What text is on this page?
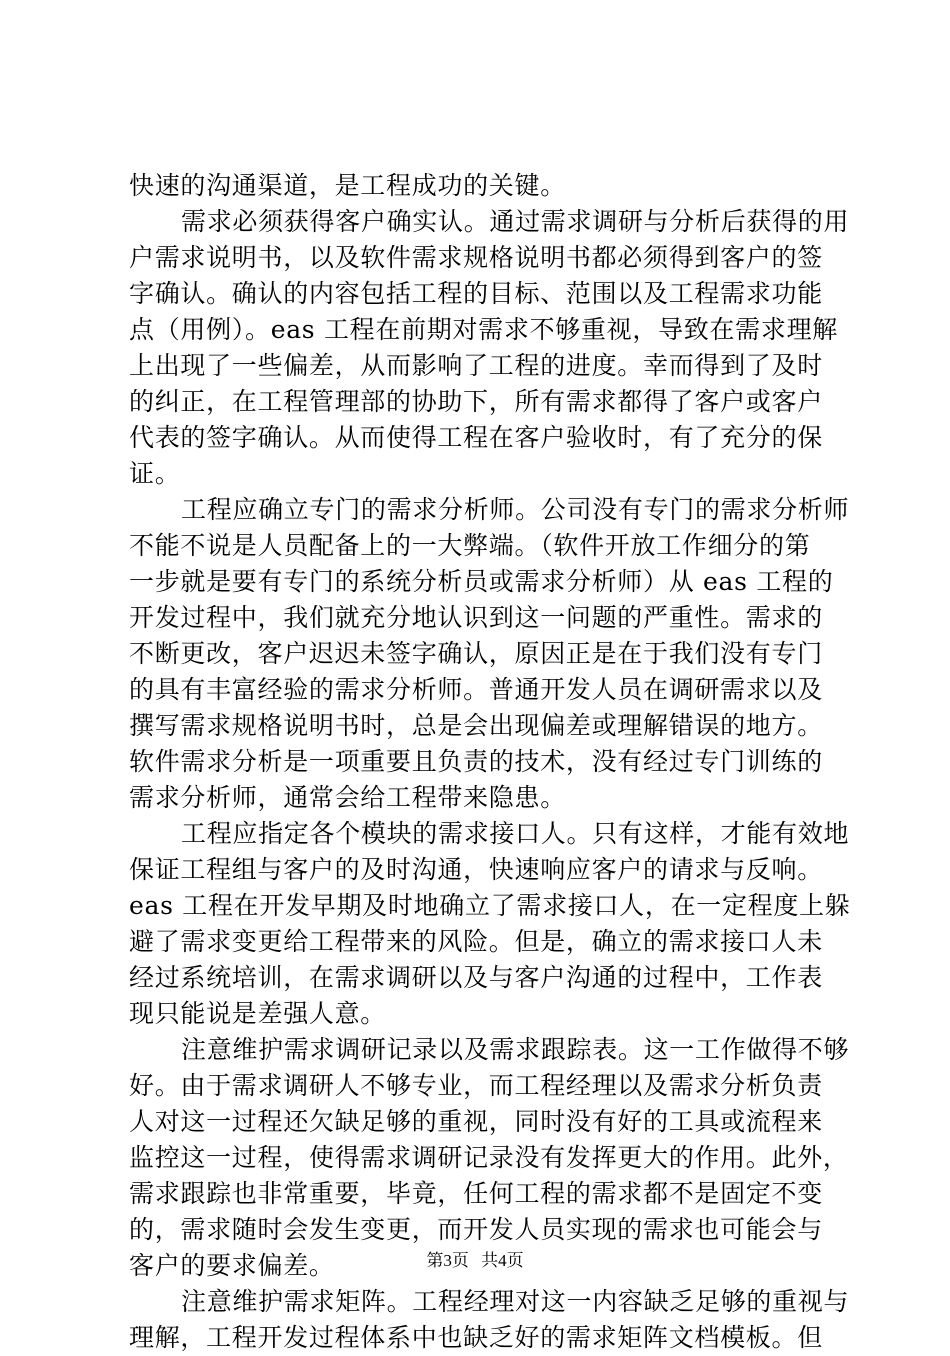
快速的沟通渠道，是工程成功的关键。
需求必须获得客户确实认。通过需求调研与分析后获得的用
户需求说明书，以及软件需求规格说明书都必须得到客户的签
字确认。确认的内容包括工程的目标、范围以及工程需求功能
点（用例）。eas 工程在前期对需求不够重视，导致在需求理解
上出现了一些偏差，从而影响了工程的进度。幸而得到了及时
的纠正，在工程管理部的协助下，所有需求都得了客户或客户
代表的签字确认。从而使得工程在客户验收时，有了充分的保
证。
工程应确立专门的需求分析师。公司没有专门的需求分析师
不能不说是人员配备上的一大弊端。（软件开放工作细分的第
一步就是要有专门的系统分析员或需求分析师）从 eas 工程的
开发过程中，我们就充分地认识到这一问题的严重性。需求的
不断更改，客户迟迟未签字确认，原因正是在于我们没有专门
的具有丰富经验的需求分析师。普通开发人员在调研需求以及
撰写需求规格说明书时，总是会出现偏差或理解错误的地方。
软件需求分析是一项重要且负责的技术，没有经过专门训练的
需求分析师，通常会给工程带来隐患。
工程应指定各个模块的需求接口人。只有这样，才能有效地
保证工程组与客户的及时沟通，快速响应客户的请求与反响。
eas 工程在开发早期及时地确立了需求接口人，在一定程度上躲
避了需求变更给工程带来的风险。但是，确立的需求接口人未
经过系统培训，在需求调研以及与客户沟通的过程中，工作表
现只能说是差强人意。
注意维护需求调研记录以及需求跟踪表。这一工作做得不够
好。由于需求调研人不够专业，而工程经理以及需求分析负责
人对这一过程还欠缺足够的重视，同时没有好的工具或流程来
监控这一过程，使得需求调研记录没有发挥更大的作用。此外，
需求跟踪也非常重要，毕竟，任何工程的需求都不是固定不变
的，需求随时会发生变更，而开发人员实现的需求也可能会与
客户的要求偏差。
注意维护需求矩阵。工程经理对这一内容缺乏足够的重视与
理解，工程开发过程体系中也缺乏好的需求矩阵文档模板。但
第3页 共4页
